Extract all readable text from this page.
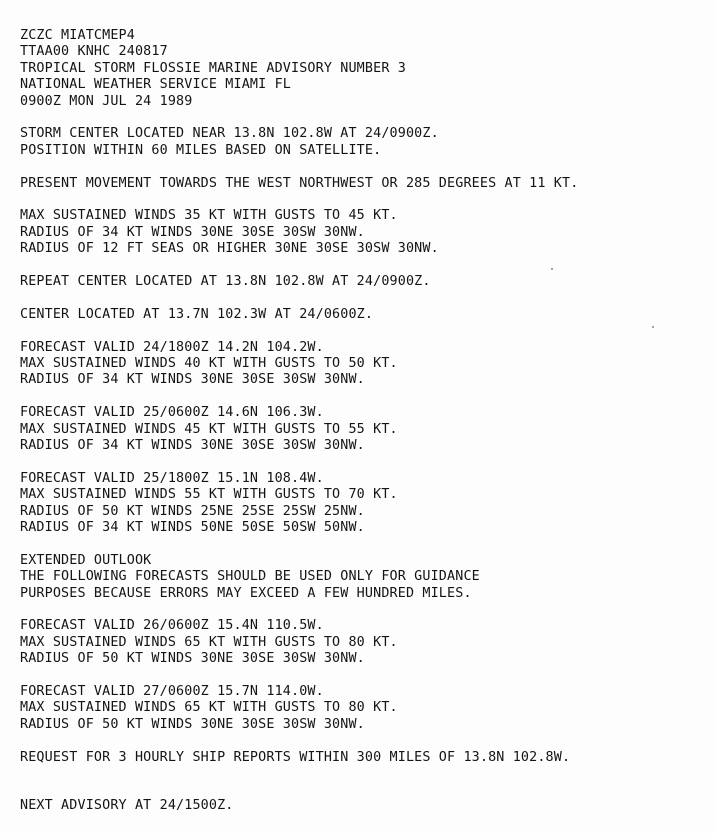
ZCZC MIATCMEP4
TTAA00 KNHC 240817
TROPICAL STORM FLOSSIE MARINE ADVISORY NUMBER 3
NATIONAL WEATHER SERVICE MIAMI FL
0900Z MON JUL 24 1989
STORM CENTER LOCATED NEAR 13.8N 102.8W AT 24/0900Z.
POSITION WITHIN 60 MILES BASED ON SATELLITE.
PRESENT MOVEMENT TOWARDS THE WEST NORTHWEST OR 285 DEGREES AT 11 KT.
MAX SUSTAINED WINDS 35 KT WITH GUSTS TO 45 KT.
RADIUS OF 34 KT WINDS 30NE 30SE 30SW 30NW.
RADIUS OF 12 FT SEAS OR HIGHER 30NE 30SE 30SW 30NW.
REPEAT CENTER LOCATED AT 13.8N 102.8W AT 24/0900Z.
CENTER LOCATED AT 13.7N 102.3W AT 24/0600Z.
FORECAST VALID 24/1800Z 14.2N 104.2W.
MAX SUSTAINED WINDS 40 KT WITH GUSTS TO 50 KT.
RADIUS OF 34 KT WINDS 30NE 30SE 30SW 30NW.
FORECAST VALID 25/0600Z 14.6N 106.3W.
MAX SUSTAINED WINDS 45 KT WITH GUSTS TO 55 KT.
RADIUS OF 34 KT WINDS 30NE 30SE 30SW 30NW.
FORECAST VALID 25/1800Z 15.1N 108.4W.
MAX SUSTAINED WINDS 55 KT WITH GUSTS TO 70 KT.
RADIUS OF 50 KT WINDS 25NE 25SE 25SW 25NW.
RADIUS OF 34 KT WINDS 50NE 50SE 50SW 50NW.
EXTENDED OUTLOOK
THE FOLLOWING FORECASTS SHOULD BE USED ONLY FOR GUIDANCE
PURPOSES BECAUSE ERRORS MAY EXCEED A FEW HUNDRED MILES.
FORECAST VALID 26/0600Z 15.4N 110.5W.
MAX SUSTAINED WINDS 65 KT WITH GUSTS TO 80 KT.
RADIUS OF 50 KT WINDS 30NE 30SE 30SW 30NW.
FORECAST VALID 27/0600Z 15.7N 114.0W.
MAX SUSTAINED WINDS 65 KT WITH GUSTS TO 80 KT.
RADIUS OF 50 KT WINDS 30NE 30SE 30SW 30NW.
REQUEST FOR 3 HOURLY SHIP REPORTS WITHIN 300 MILES OF 13.8N 102.8W.
NEXT ADVISORY AT 24/1500Z.
